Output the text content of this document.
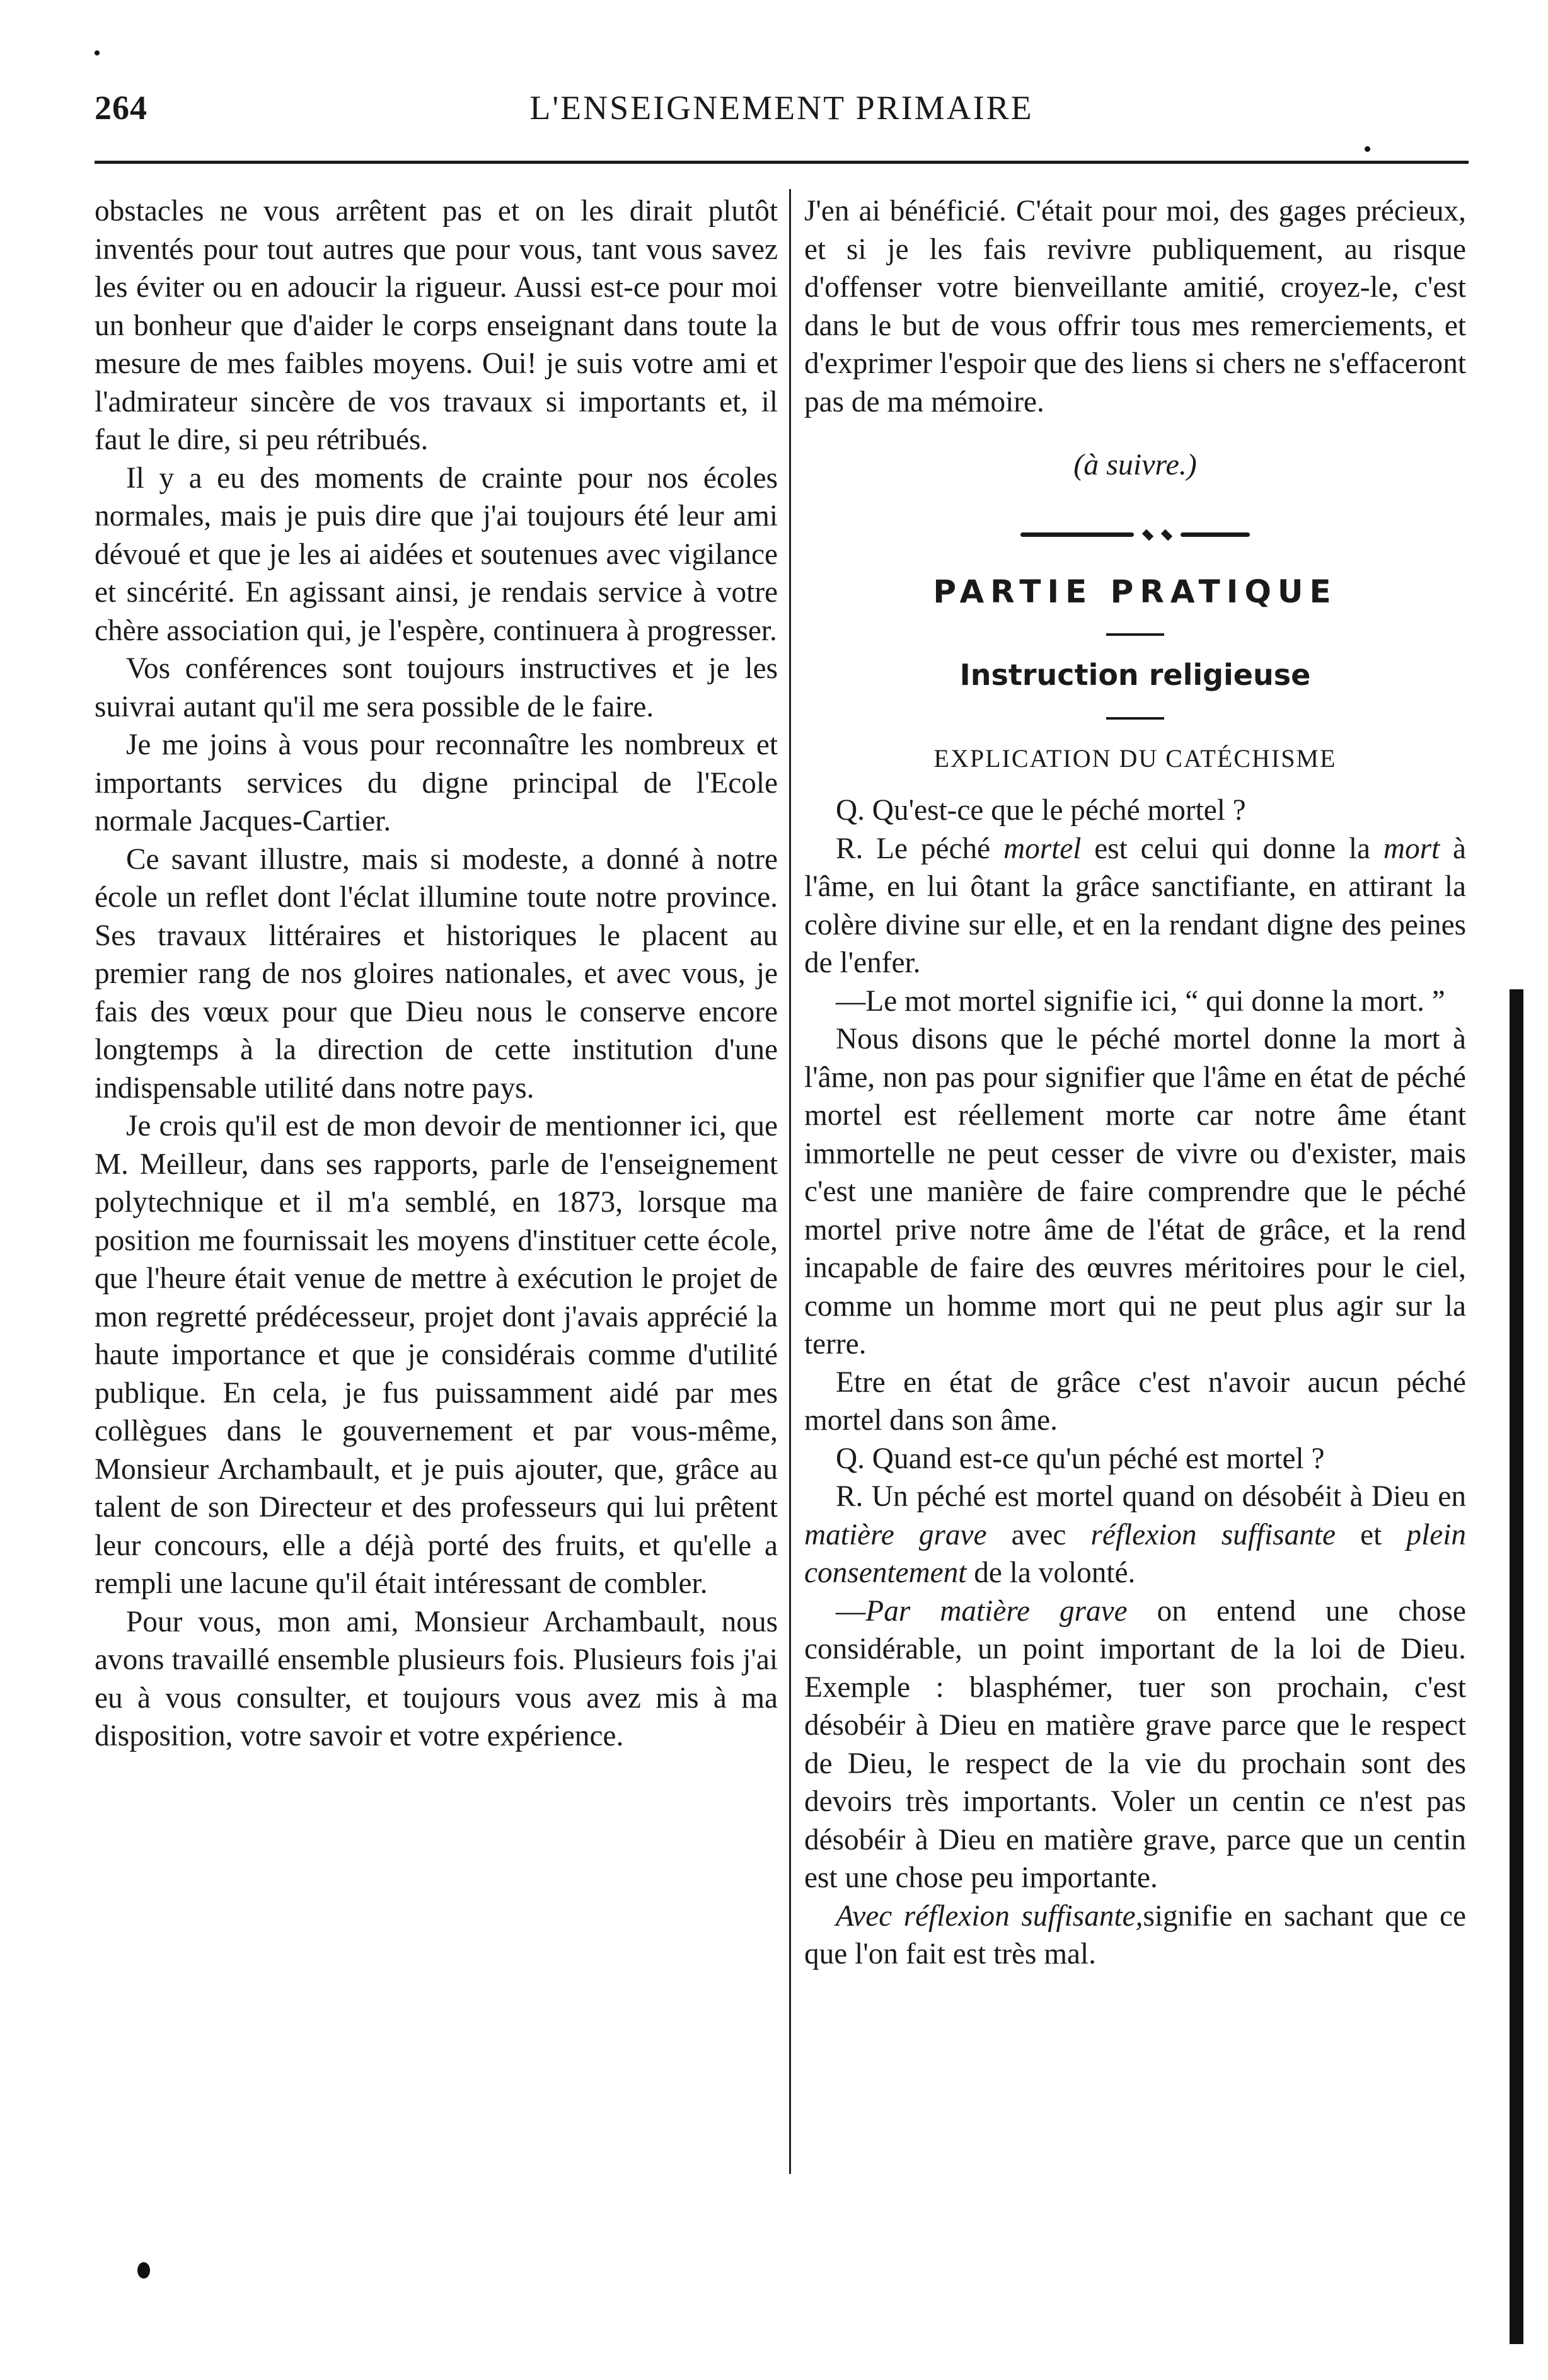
264	L'ENSEIGNEMENT PRIMAIRE

obstacles ne vous arrêtent pas et on les dirait plutôt inventés pour tout autres que pour vous, tant vous savez les éviter ou en adoucir la rigueur. Aussi est-ce pour moi un bonheur que d'aider le corps enseignant dans toute la mesure de mes faibles moyens. Oui! je suis votre ami et l'admirateur sincère de vos travaux si importants et, il faut le dire, si peu rétribués.

Il y a eu des moments de crainte pour nos écoles normales, mais je puis dire que j'ai toujours été leur ami dévoué et que je les ai aidées et soutenues avec vigilance et sincérité. En agissant ainsi, je rendais service à votre chère association qui, je l'espère, continuera à progresser.

Vos conférences sont toujours instructives et je les suivrai autant qu'il me sera possible de le faire.

Je me joins à vous pour reconnaître les nombreux et importants services du digne principal de l'Ecole normale Jacques-Cartier.

Ce savant illustre, mais si modeste, a donné à notre école un reflet dont l'éclat illumine toute notre province. Ses travaux littéraires et historiques le placent au premier rang de nos gloires nationales, et avec vous, je fais des vœux pour que Dieu nous le conserve encore longtemps à la direction de cette institution d'une indispensable utilité dans notre pays.

Je crois qu'il est de mon devoir de mentionner ici, que M. Meilleur, dans ses rapports, parle de l'enseignement polytechnique et il m'a semblé, en 1873, lorsque ma position me fournissait les moyens d'instituer cette école, que l'heure était venue de mettre à exécution le projet de mon regretté prédécesseur, projet dont j'avais apprécié la haute importance et que je considérais comme d'utilité publique. En cela, je fus puissamment aidé par mes collègues dans le gouvernement et par vous-même, Monsieur Archambault, et je puis ajouter, que, grâce au talent de son Directeur et des professeurs qui lui prêtent leur concours, elle a déjà porté des fruits, et qu'elle a rempli une lacune qu'il était intéressant de combler.

Pour vous, mon ami, Monsieur Archambault, nous avons travaillé ensemble plusieurs fois. Plusieurs fois j'ai eu à vous consulter, et toujours vous avez mis à ma disposition, votre savoir et votre expérience.

J'en ai bénéficié. C'était pour moi, des gages précieux, et si je les fais revivre publiquement, au risque d'offenser votre bienveillante amitié, croyez-le, c'est dans le but de vous offrir tous mes remerciements, et d'exprimer l'espoir que des liens si chers ne s'effaceront pas de ma mémoire.

(à suivre.)
PARTIE PRATIQUE
Instruction religieuse
EXPLICATION DU CATÉCHISME

Q. Qu'est-ce que le péché mortel ?

R. Le péché mortel est celui qui donne la mort à l'âme, en lui ôtant la grâce sanctifiante, en attirant la colère divine sur elle, et en la rendant digne des peines de l'enfer.

—Le mot mortel signifie ici, “ qui donne la mort. ”

Nous disons que le péché mortel donne la mort à l'âme, non pas pour signifier que l'âme en état de péché mortel est réellement morte car notre âme étant immortelle ne peut cesser de vivre ou d'exister, mais c'est une manière de faire comprendre que le péché mortel prive notre âme de l'état de grâce, et la rend incapable de faire des œuvres méritoires pour le ciel, comme un homme mort qui ne peut plus agir sur la terre.

Etre en état de grâce c'est n'avoir aucun péché mortel dans son âme.

Q. Quand est-ce qu'un péché est mortel ?

R. Un péché est mortel quand on désobéit à Dieu en matière grave avec réflexion suffisante et plein consentement de la volonté.

—Par matière grave on entend une chose considérable, un point important de la loi de Dieu. Exemple : blasphémer, tuer son prochain, c'est désobéir à Dieu en matière grave parce que le respect de Dieu, le respect de la vie du prochain sont des devoirs très importants. Voler un centin ce n'est pas désobéir à Dieu en matière grave, parce que un centin est une chose peu importante.

Avec réflexion suffisante,signifie en sachant que ce que l'on fait est très mal.
